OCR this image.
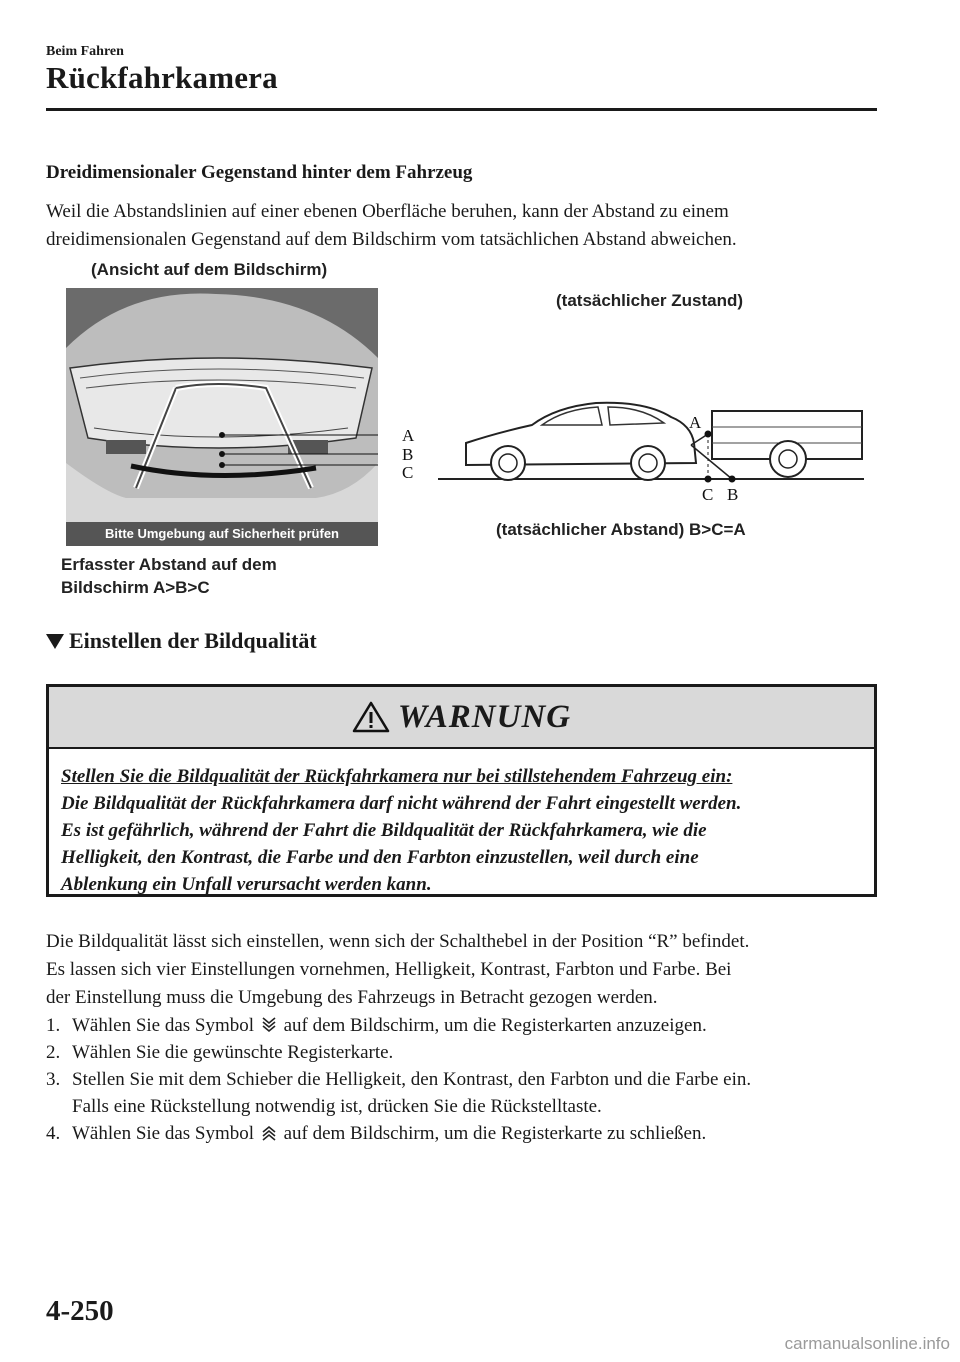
Beim Fahren
Rückfahrkamera
Dreidimensionaler Gegenstand hinter dem Fahrzeug
Weil die Abstandslinien auf einer ebenen Oberfläche beruhen, kann der Abstand zu einem
dreidimensionalen Gegenstand auf dem Bildschirm vom tatsächlichen Abstand abweichen.
(Ansicht auf dem Bildschirm)
Bitte Umgebung auf Sicherheit prüfen
A
B
C
Erfasster Abstand auf dem
Bildschirm A>B>C
(tatsächlicher Zustand)
A
C B
(tatsächlicher Abstand) B>C=A
Einstellen der Bildqualität
WARNUNG
Stellen Sie die Bildqualität der Rückfahrkamera nur bei stillstehendem Fahrzeug ein:
Die Bildqualität der Rückfahrkamera darf nicht während der Fahrt eingestellt werden.
Es ist gefährlich, während der Fahrt die Bildqualität der Rückfahrkamera, wie die
Helligkeit, den Kontrast, die Farbe und den Farbton einzustellen, weil durch eine
Ablenkung ein Unfall verursacht werden kann.
Die Bildqualität lässt sich einstellen, wenn sich der Schalthebel in der Position “R” befindet.
Es lassen sich vier Einstellungen vornehmen, Helligkeit, Kontrast, Farbton und Farbe. Bei
der Einstellung muss die Umgebung des Fahrzeugs in Betracht gezogen werden.
1. Wählen Sie das Symbol auf dem Bildschirm, um die Registerkarten anzuzeigen.
2. Wählen Sie die gewünschte Registerkarte.
3. Stellen Sie mit dem Schieber die Helligkeit, den Kontrast, den Farbton und die Farbe ein.
Falls eine Rückstellung notwendig ist, drücken Sie die Rückstelltaste.
4. Wählen Sie das Symbol auf dem Bildschirm, um die Registerkarte zu schließen.
4-250
carmanualsonline.info
